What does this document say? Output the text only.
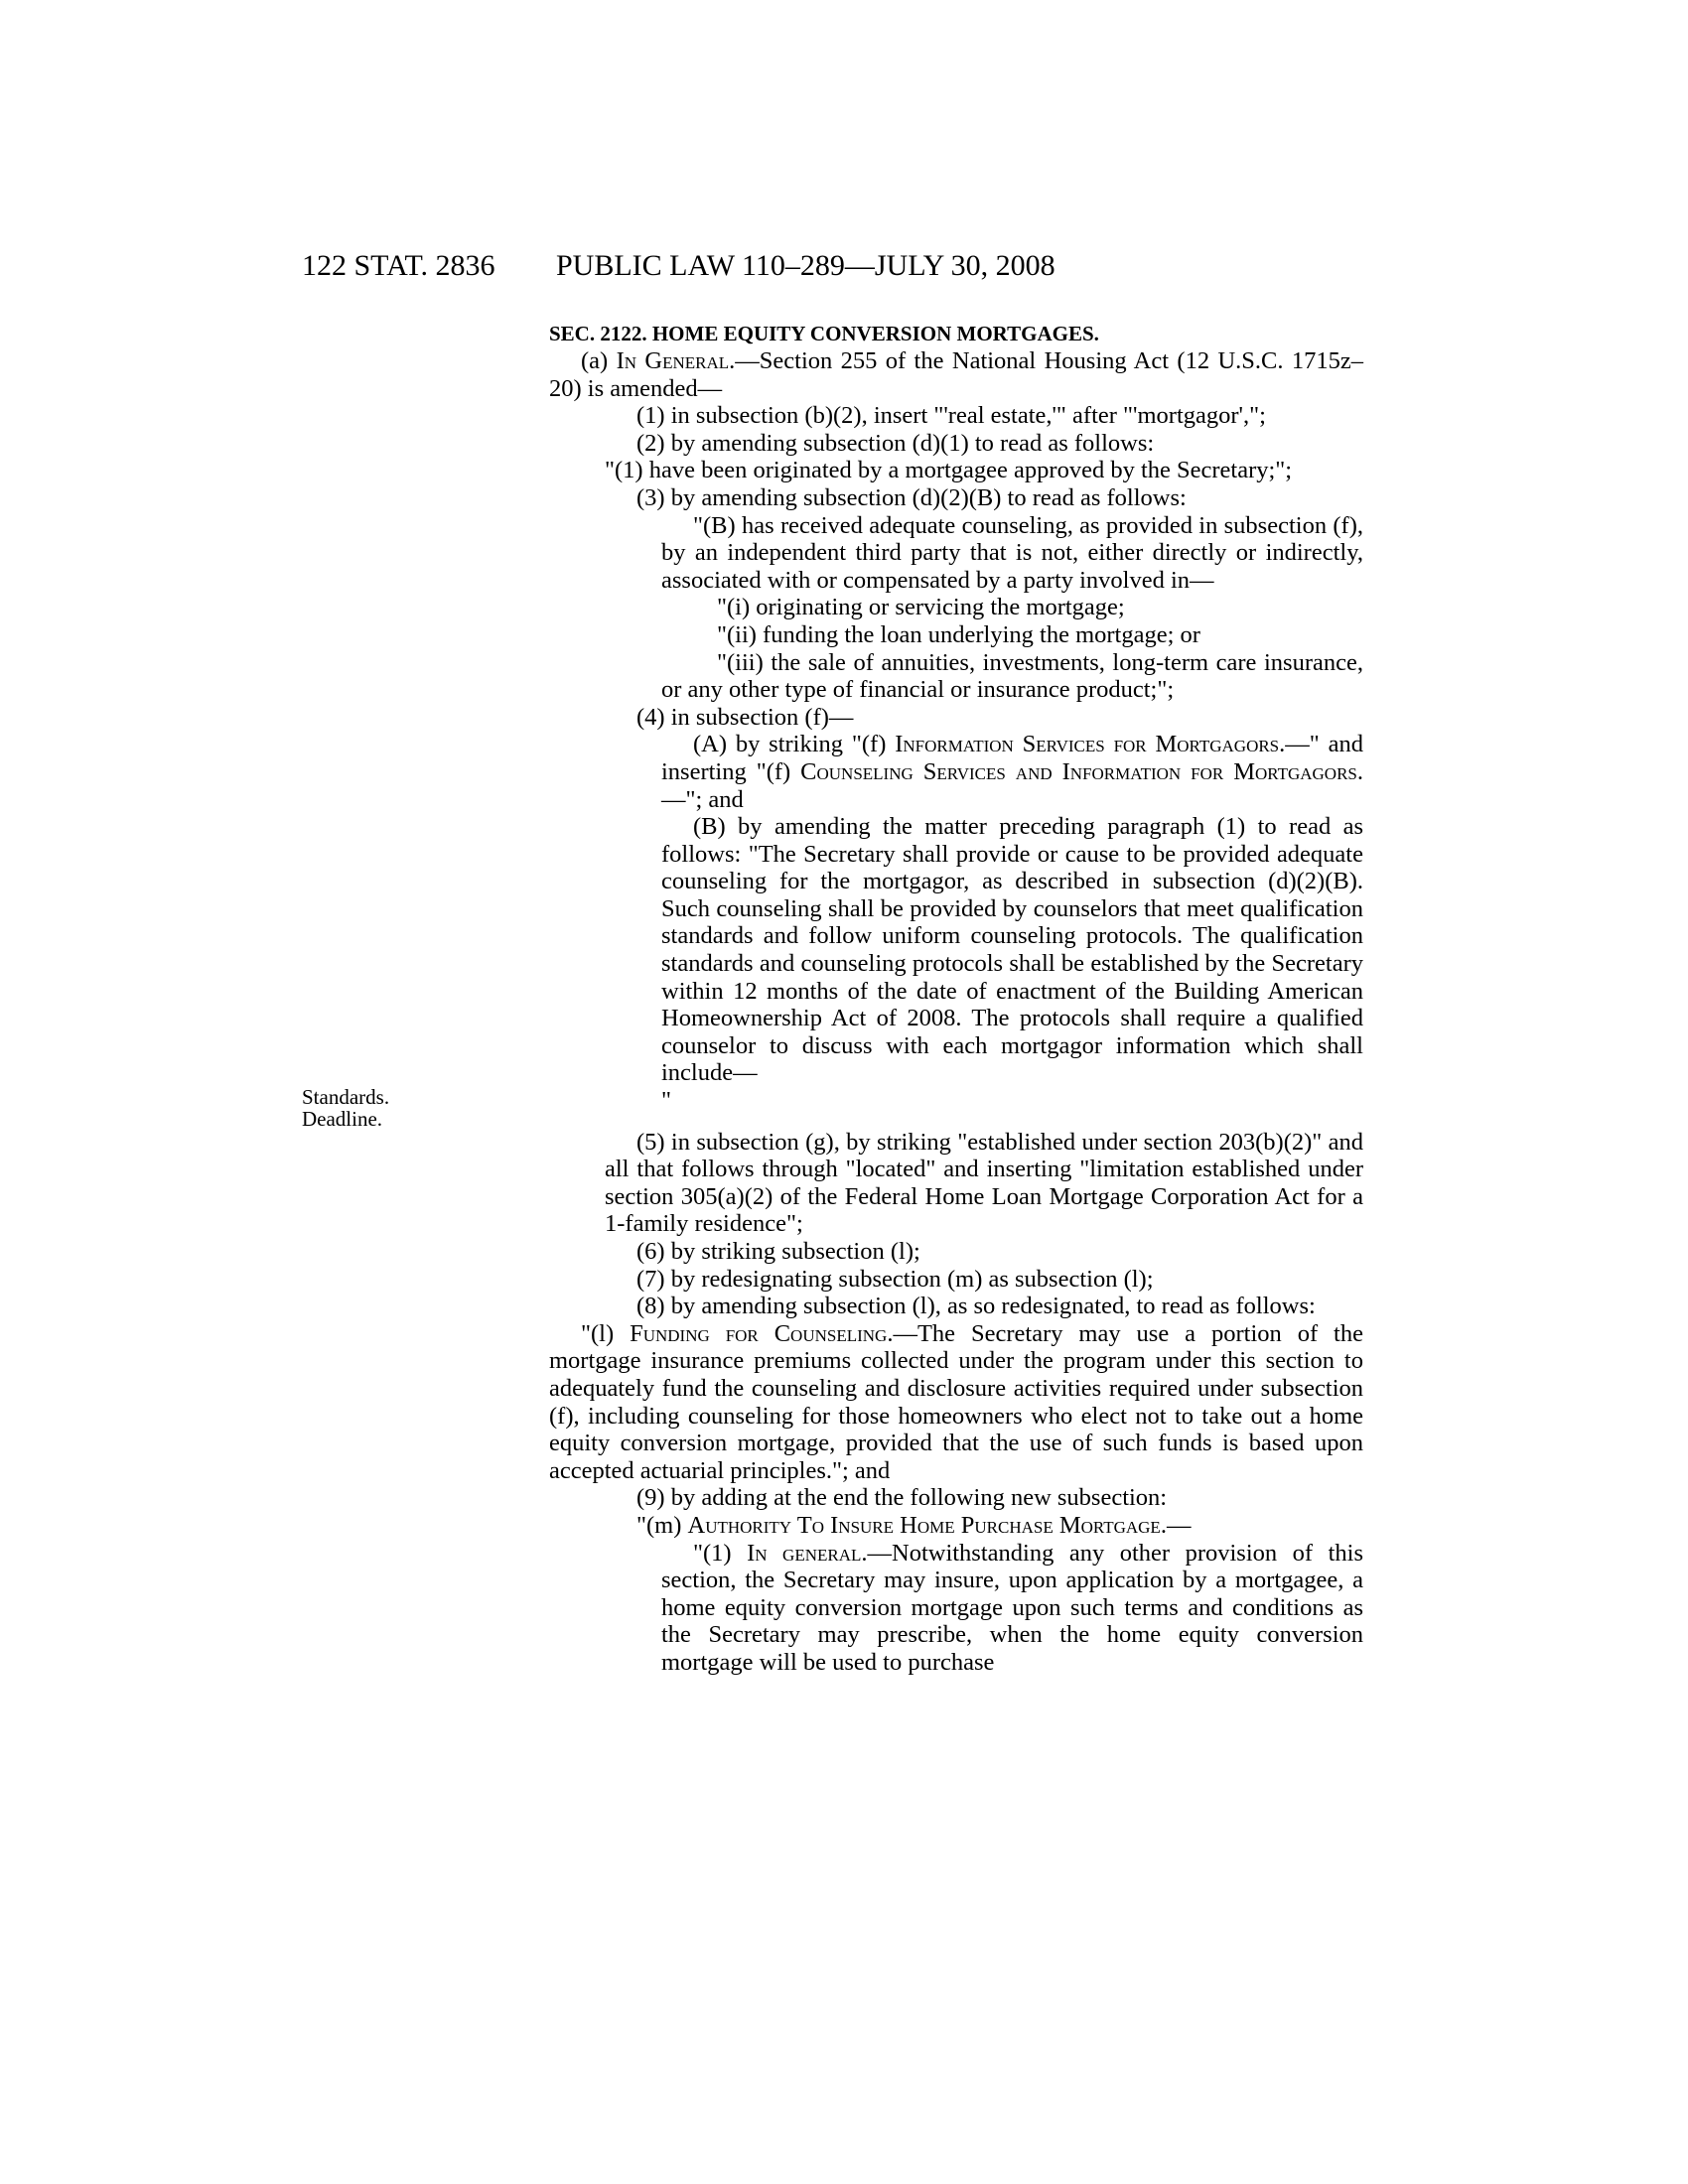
122 STAT. 2836 PUBLIC LAW 110–289—JULY 30, 2008
SEC. 2122. HOME EQUITY CONVERSION MORTGAGES.
Standards.
Deadline.

(a) In General.—Section 255 of the National Housing Act (12 U.S.C. 1715z–20) is amended—

(1) in subsection (b)(2), insert "'real estate,'" after "'mortgagor',";

(2) by amending subsection (d)(1) to read as follows:

"(1) have been originated by a mortgagee approved by the Secretary;";

(3) by amending subsection (d)(2)(B) to read as follows:

"(B) has received adequate counseling, as provided in subsection (f), by an independent third party that is not, either directly or indirectly, associated with or compensated by a party involved in—

"(i) originating or servicing the mortgage;

"(ii) funding the loan underlying the mortgage; or

"(iii) the sale of annuities, investments, long-term care insurance, or any other type of financial or insurance product;";

(4) in subsection (f)—

(A) by striking "(f) Information Services for Mortgagors.—" and inserting "(f) Counseling Services and Information for Mortgagors.—"; and

(B) by amending the matter preceding paragraph (1) to read as follows: "The Secretary shall provide or cause to be provided adequate counseling for the mortgagor, as described in subsection (d)(2)(B). Such counseling shall be provided by counselors that meet qualification standards and follow uniform counseling protocols. The qualification standards and counseling protocols shall be established by the Secretary within 12 months of the date of enactment of the Building American Homeownership Act of 2008. The protocols shall require a qualified counselor to discuss with each mortgagor information which shall include—

"

(5) in subsection (g), by striking "established under section 203(b)(2)" and all that follows through "located" and inserting "limitation established under section 305(a)(2) of the Federal Home Loan Mortgage Corporation Act for a 1-family residence";

(6) by striking subsection (l);

(7) by redesignating subsection (m) as subsection (l);

(8) by amending subsection (l), as so redesignated, to read as follows:

"(l) Funding for Counseling.—The Secretary may use a portion of the mortgage insurance premiums collected under the program under this section to adequately fund the counseling and disclosure activities required under subsection (f), including counseling for those homeowners who elect not to take out a home equity conversion mortgage, provided that the use of such funds is based upon accepted actuarial principles."; and

(9) by adding at the end the following new subsection:

"(m) Authority To Insure Home Purchase Mortgage.—

"(1) In general.—Notwithstanding any other provision of this section, the Secretary may insure, upon application by a mortgagee, a home equity conversion mortgage upon such terms and conditions as the Secretary may prescribe, when the home equity conversion mortgage will be used to purchase
